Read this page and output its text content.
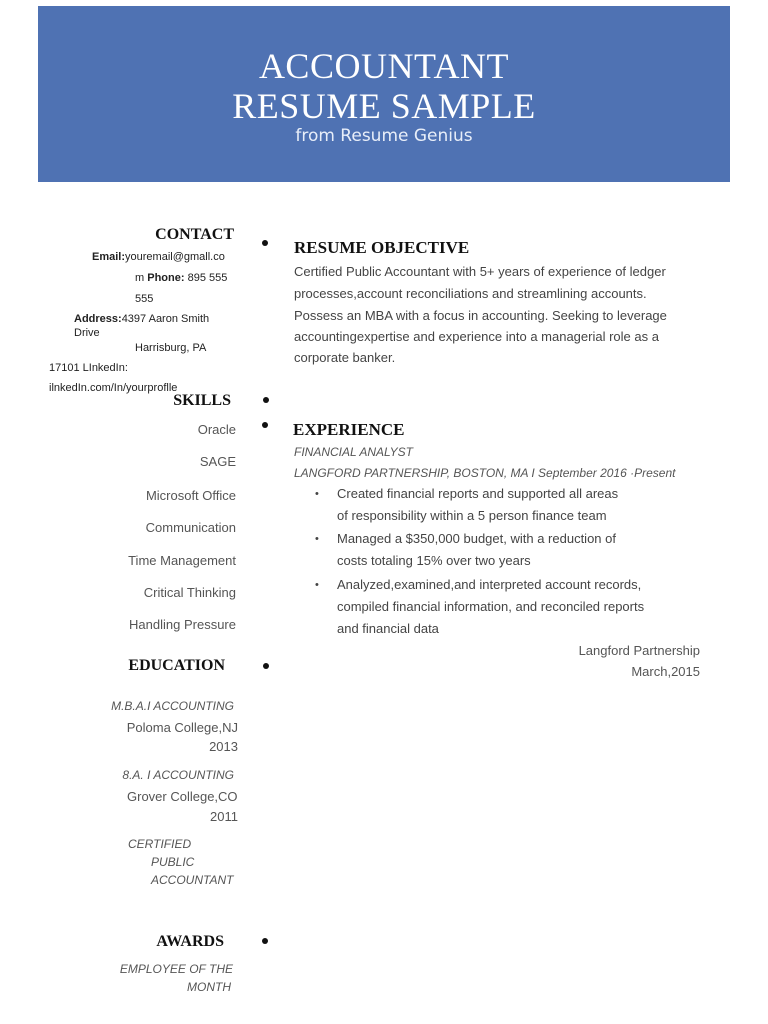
ACCOUNTANT
RESUME SAMPLE
from Resume Genius
CONTACT
Email:youremail@gmall.co
m Phone: 895 555
555
Address:4397 Aaron Smith
Drive
Harrisburg, PA
17101 LInkedIn:
ilnkedIn.com/In/yourproflle
SKILLS
Oracle
SAGE
Microsoft Office
Communication
Time Management
Critical Thinking
Handling Pressure
EDUCATION
M.B.A.I ACCOUNTING
Poloma College,NJ
2013
8.A. I ACCOUNTING
Grover College,CO
2011
CERTIFIED
PUBLIC
ACCOUNTANT
AWARDS
EMPLOYEE OF THE
MONTH
RESUME OBJECTIVE
Certified Public Accountant with 5+ years of experience of ledger
processes,account reconciliations and streamlining accounts.
Possess an MBA with a focus in accounting. Seeking to leverage
accountingexpertise and experience into a managerial role as a
corporate banker.
EXPERIENCE
FINANCIAL ANALYST
LANGFORD PARTNERSHIP, BOSTON, MA I September 2016 ·Present
• Created financial reports and supported all areas
of responsibility within a 5 person finance team
• Managed a $350,000 budget, with a reduction of
costs totaling 15% over two years
• Analyzed,examined,and interpreted account records,
compiled financial information, and reconciled reports
and financial data
Langford Partnership
March,2015
